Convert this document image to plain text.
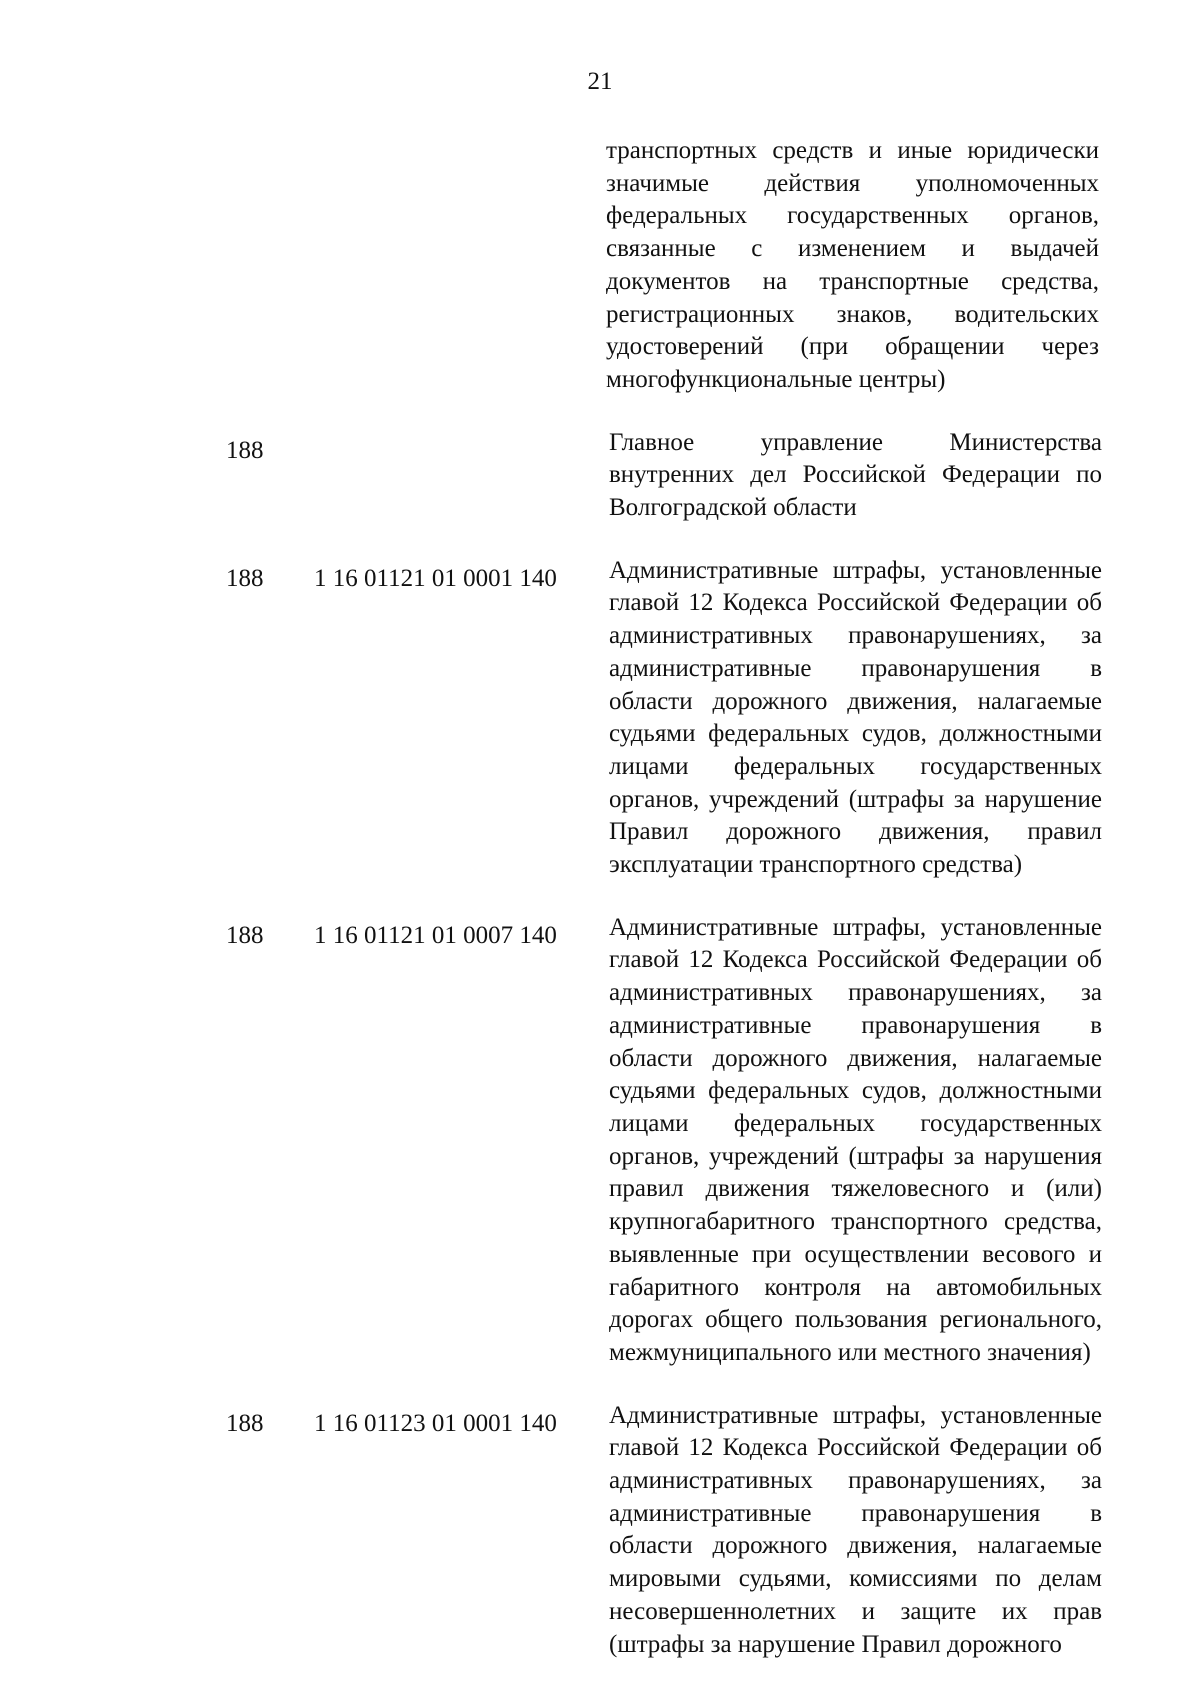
21
транспортных средств и иные юридически значимые действия уполномоченных федеральных государственных органов, связанные с изменением и выдачей документов на транспортные средства, регистрационных знаков, водительских удостоверений (при обращении через многофункциональные центры)
188	Главное управление Министерства внутренних дел Российской Федерации по Волгоградской области
188 1 16 01121 01 0001 140 Административные штрафы, установленные главой 12 Кодекса Российской Федерации об административных правонарушениях, за административные правонарушения в области дорожного движения, налагаемые судьями федеральных судов, должностными лицами федеральных государственных органов, учреждений (штрафы за нарушение Правил дорожного движения, правил эксплуатации транспортного средства)
188 1 16 01121 01 0007 140 Административные штрафы, установленные главой 12 Кодекса Российской Федерации об административных правонарушениях, за административные правонарушения в области дорожного движения, налагаемые судьями федеральных судов, должностными лицами федеральных государственных органов, учреждений (штрафы за нарушения правил движения тяжеловесного и (или) крупногабаритного транспортного средства, выявленные при осуществлении весового и габаритного контроля на автомобильных дорогах общего пользования регионального, межмуниципального или местного значения)
188 1 16 01123 01 0001 140 Административные штрафы, установленные главой 12 Кодекса Российской Федерации об административных правонарушениях, за административные правонарушения в области дорожного движения, налагаемые мировыми судьями, комиссиями по делам несовершеннолетних и защите их прав (штрафы за нарушение Правил дорожного
